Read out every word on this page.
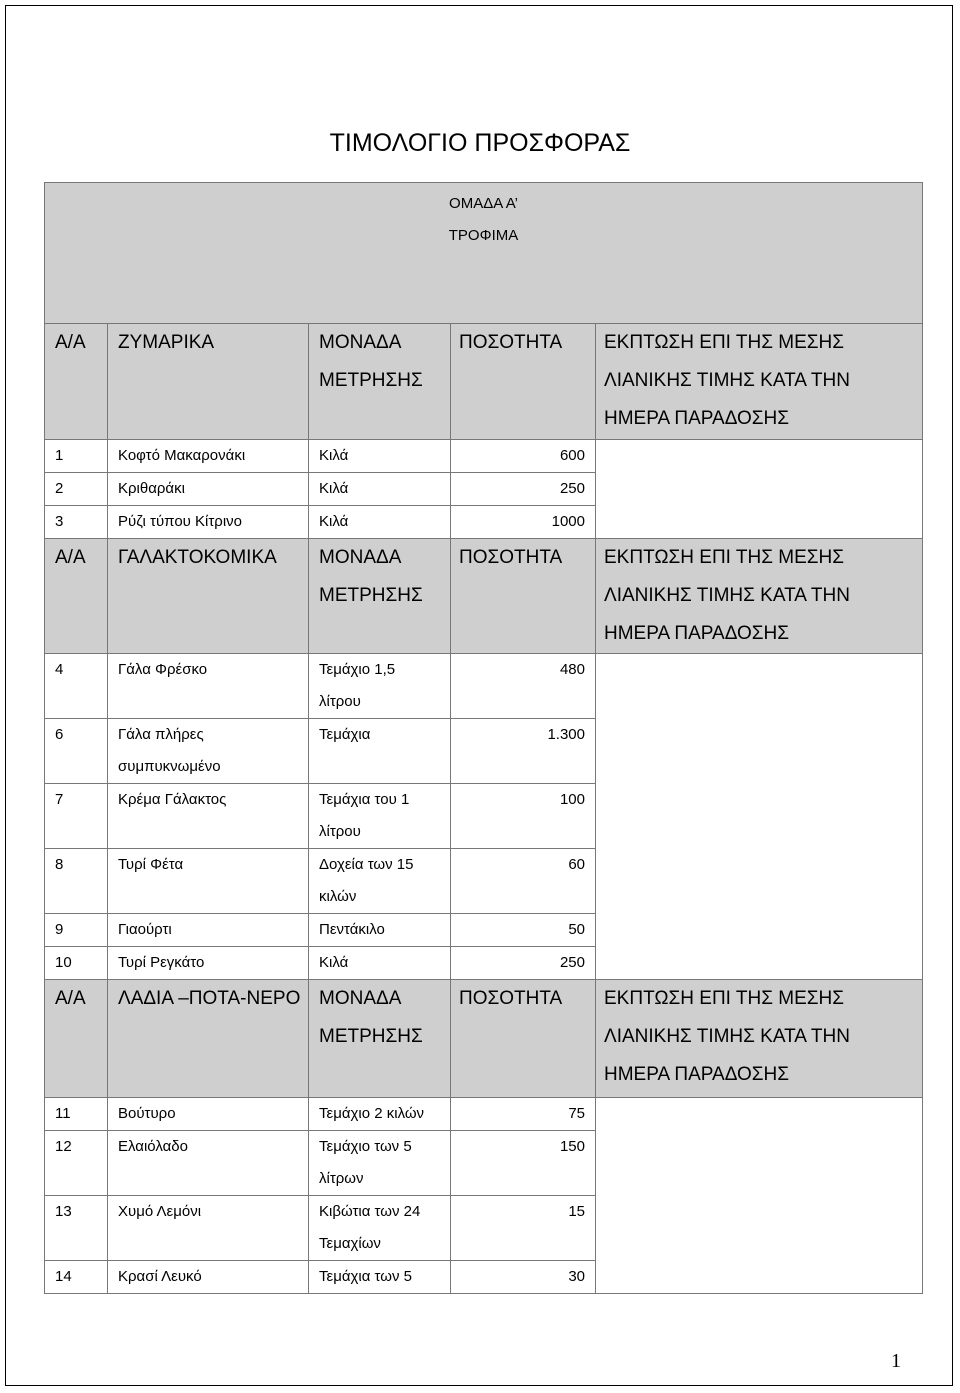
ΤΙΜΟΛΟΓΙΟ ΠΡΟΣΦΟΡΑΣ
ΟΜΑΔΑ Α’
ΤΡΟΦΙΜΑ				

Α/Α	ΖΥΜΑΡΙΚΑ	ΜΟΝΑΔΑ ΜΕΤΡΗΣΗΣ	ΠΟΣΟΤΗΤΑ	ΕΚΠΤΩΣΗ ΕΠΙ ΤΗΣ ΜΕΣΗΣ ΛΙΑΝΙΚΗΣ ΤΙΜΗΣ ΚΑΤΑ ΤΗΝ ΗΜΕΡΑ ΠΑΡΑΔΟΣΗΣ
1	Κοφτό Μακαρονάκι	Κιλά	600	
2	Κριθαράκι	Κιλά	250	
3	Ρύζι τύπου Κίτρινο	Κιλά	1000	
Α/Α	ΓΑΛΑΚΤΟΚΟΜΙΚΑ	ΜΟΝΑΔΑ ΜΕΤΡΗΣΗΣ	ΠΟΣΟΤΗΤΑ	ΕΚΠΤΩΣΗ ΕΠΙ ΤΗΣ ΜΕΣΗΣ ΛΙΑΝΙΚΗΣ ΤΙΜΗΣ ΚΑΤΑ ΤΗΝ ΗΜΕΡΑ ΠΑΡΑΔΟΣΗΣ
4	Γάλα Φρέσκο	Τεμάχιο 1,5 λίτρου	480	
6	Γάλα πλήρες συμπυκνωμένο	Τεμάχια	1.300	
7	Κρέμα Γάλακτος	Τεμάχια του 1 λίτρου	100	
8	Τυρί Φέτα	Δοχεία των 15 κιλών	60	
9	Γιαούρτι	Πεντάκιλο	50	
10	Τυρί Ρεγκάτο	Κιλά	250	
Α/Α	ΛΑΔΙΑ –ΠΟΤΑ-ΝΕΡΟ	ΜΟΝΑΔΑ ΜΕΤΡΗΣΗΣ	ΠΟΣΟΤΗΤΑ	ΕΚΠΤΩΣΗ ΕΠΙ ΤΗΣ ΜΕΣΗΣ ΛΙΑΝΙΚΗΣ ΤΙΜΗΣ ΚΑΤΑ ΤΗΝ ΗΜΕΡΑ ΠΑΡΑΔΟΣΗΣ
11	Βούτυρο	Τεμάχιο 2 κιλών	75	
12	Ελαιόλαδο	Τεμάχιο των 5 λίτρων	150	
13	Χυμό Λεμόνι	Κιβώτια των 24 Τεμαχίων	15	
14	Κρασί Λευκό	Τεμάχια των 5	30	
1
